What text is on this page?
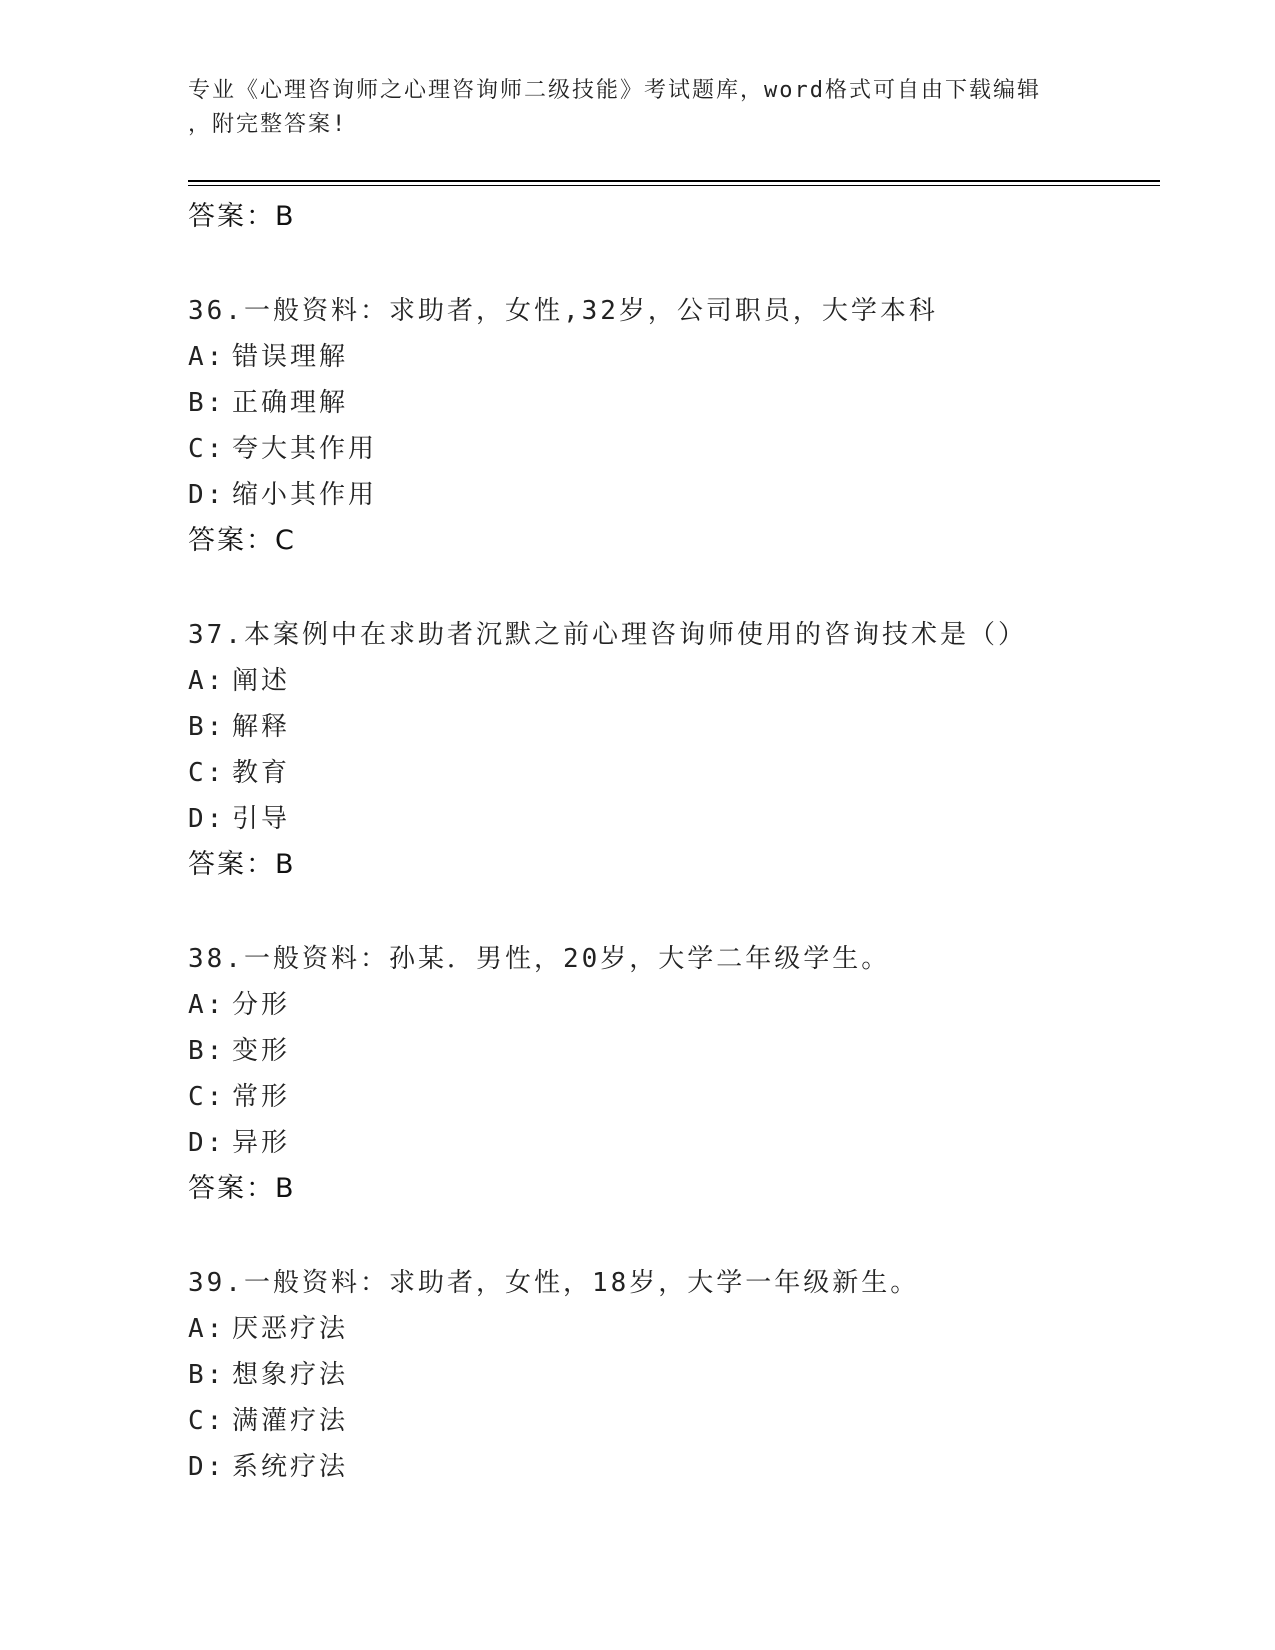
专业《心理咨询师之心理咨询师二级技能》考试题库，word格式可自由下载编辑
，附完整答案!
答案：B
36.一般资料：求助者，女性,32岁，公司职员，大学本科
A: 错误理解
B: 正确理解
C: 夸大其作用
D: 缩小其作用
答案：C
37.本案例中在求助者沉默之前心理咨询师使用的咨询技术是（）
A: 阐述
B: 解释
C: 教育
D: 引导
答案：B
38.一般资料：孙某．男性，20岁，大学二年级学生。
A: 分形
B: 变形
C: 常形
D: 异形
答案：B
39.一般资料：求助者，女性，18岁，大学一年级新生。
A: 厌恶疗法
B: 想象疗法
C: 满灌疗法
D: 系统疗法
